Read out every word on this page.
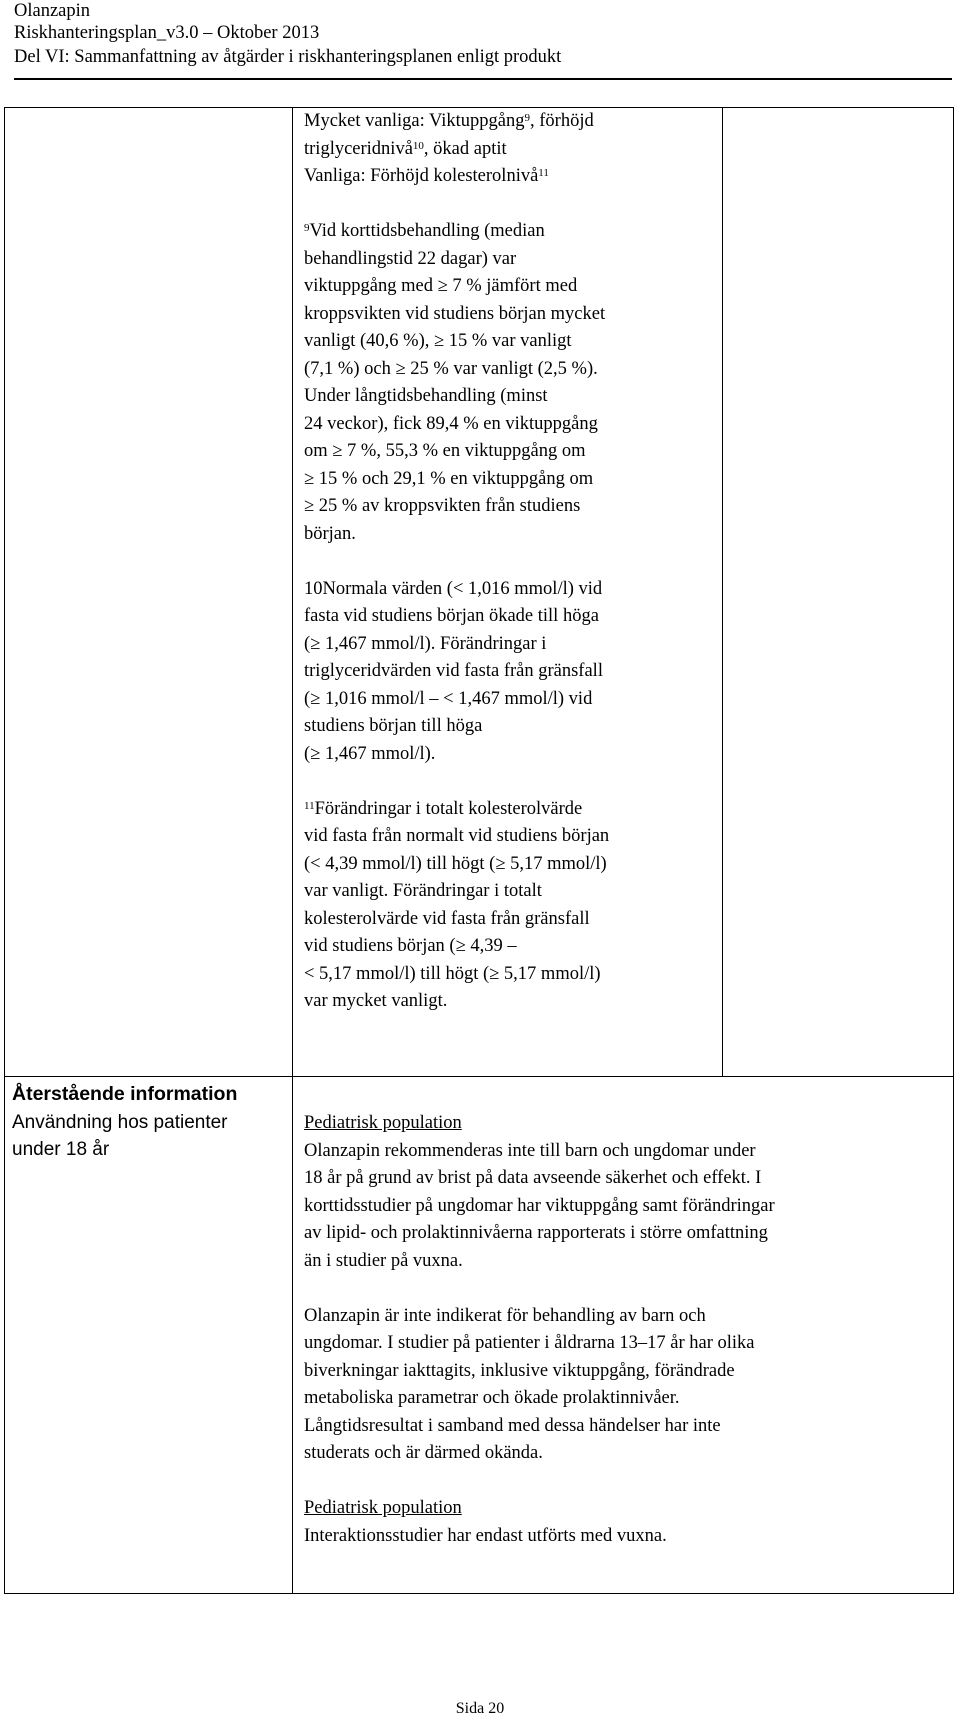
Olanzapin
Riskhanteringsplan_v3.0 – Oktober 2013
Del VI: Sammanfattning av åtgärder i riskhanteringsplanen enligt produkt
Mycket vanliga: Viktuppgång$^9$, förhöjd
triglyceridnivå$^{10}$, ökad aptit
Vanliga: Förhöjd kolesterolnivå$^{11}$
$^9$Vid korttidsbehandling (median
behandlingstid 22 dagar) var
viktuppgång med ≥ 7 % jämfört med
kroppsvikten vid studiens början mycket
vanligt (40,6 %), ≥ 15 % var vanligt
(7,1 %) och ≥ 25 % var vanligt (2,5 %).
Under långtidsbehandling (minst
24 veckor), fick 89,4 % en viktuppgång
om ≥ 7 %, 55,3 % en viktuppgång om
≥ 15 % och 29,1 % en viktuppgång om
≥ 25 % av kroppsvikten från studiens
början.
10Normala värden (< 1,016 mmol/l) vid
fasta vid studiens början ökade till höga
(≥ 1,467 mmol/l). Förändringar i
triglyceridvärden vid fasta från gränsfall
(≥ 1,016 mmol/l – < 1,467 mmol/l) vid
studiens början till höga
(≥ 1,467 mmol/l).
$^{11}$Förändringar i totalt kolesterolvärde
vid fasta från normalt vid studiens början
(< 4,39 mmol/l) till högt (≥ 5,17 mmol/l)
var vanligt. Förändringar i totalt
kolesterolvärde vid fasta från gränsfall
vid studiens början (≥ 4,39 –
< 5,17 mmol/l) till högt (≥ 5,17 mmol/l)
var mycket vanligt.
Återstående information
Användning hos patienter
under 18 år
Pediatrisk population
Olanzapin rekommenderas inte till barn och ungdomar under
18 år på grund av brist på data avseende säkerhet och effekt. I
korttidsstudier på ungdomar har viktuppgång samt förändringar
av lipid- och prolaktinnivåerna rapporterats i större omfattning
än i studier på vuxna.
Olanzapin är inte indikerat för behandling av barn och
ungdomar. I studier på patienter i åldrarna 13–17 år har olika
biverkningar iakttagits, inklusive viktuppgång, förändrade
metaboliska parametrar och ökade prolaktinnivåer.
Långtidsresultat i samband med dessa händelser har inte
studerats och är därmed okända.
Pediatrisk population
Interaktionsstudier har endast utförts med vuxna.
Sida 20
